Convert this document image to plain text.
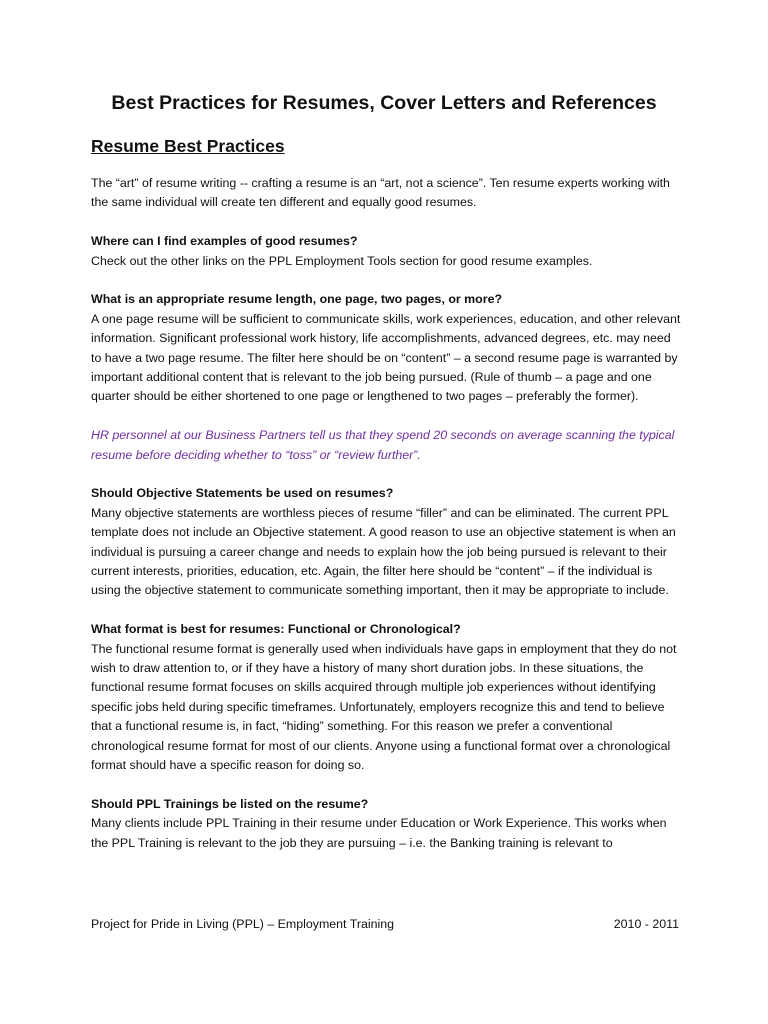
Best Practices for Resumes, Cover Letters and References
Resume Best Practices

The “art” of resume writing -- crafting a resume is an “art, not a science”. Ten resume experts working with the same individual will create ten different and equally good resumes.

Where can I find examples of good resumes?
Check out the other links on the PPL Employment Tools section for good resume examples.

What is an appropriate resume length, one page, two pages, or more?
A one page resume will be sufficient to communicate skills, work experiences, education, and other relevant information. Significant professional work history, life accomplishments, advanced degrees, etc. may need to have a two page resume. The filter here should be on “content” – a second resume page is warranted by important additional content that is relevant to the job being pursued. (Rule of thumb – a page and one quarter should be either shortened to one page or lengthened to two pages – preferably the former).

HR personnel at our Business Partners tell us that they spend 20 seconds on average scanning the typical resume before deciding whether to “toss” or “review further”.

Should Objective Statements be used on resumes?
Many objective statements are worthless pieces of resume “filler” and can be eliminated. The current PPL template does not include an Objective statement. A good reason to use an objective statement is when an individual is pursuing a career change and needs to explain how the job being pursued is relevant to their current interests, priorities, education, etc. Again, the filter here should be “content” – if the individual is using the objective statement to communicate something important, then it may be appropriate to include.

What format is best for resumes: Functional or Chronological?
The functional resume format is generally used when individuals have gaps in employment that they do not wish to draw attention to, or if they have a history of many short duration jobs. In these situations, the functional resume format focuses on skills acquired through multiple job experiences without identifying specific jobs held during specific timeframes. Unfortunately, employers recognize this and tend to believe that a functional resume is, in fact, “hiding” something. For this reason we prefer a conventional chronological resume format for most of our clients. Anyone using a functional format over a chronological format should have a specific reason for doing so.

Should PPL Trainings be listed on the resume?
Many clients include PPL Training in their resume under Education or Work Experience. This works when the PPL Training is relevant to the job they are pursuing – i.e. the Banking training is relevant to

Project for Pride in Living (PPL) – Employment Training	2010 - 2011
